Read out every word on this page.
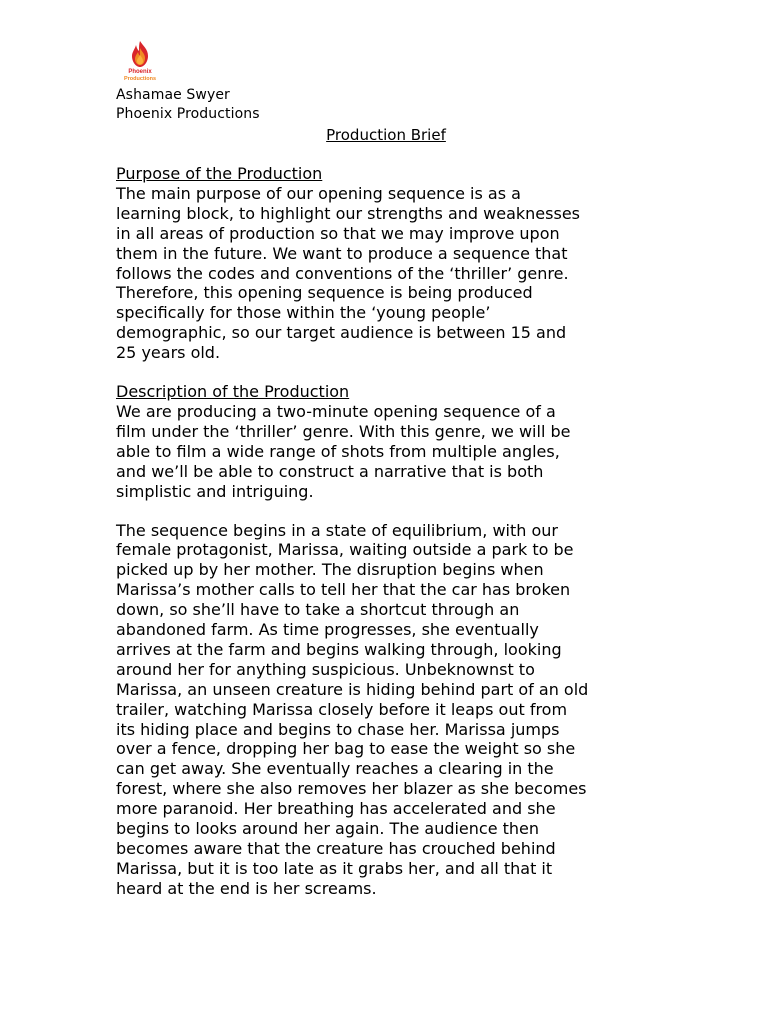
Phoenix
Productions
Ashamae Swyer
Phoenix Productions
Production Brief
Purpose of the Production

The main purpose of our opening sequence is as a
learning block, to highlight our strengths and weaknesses
in all areas of production so that we may improve upon
them in the future. We want to produce a sequence that
follows the codes and conventions of the ‘thriller’ genre.
Therefore, this opening sequence is being produced
specifically for those within the ‘young people’
demographic, so our target audience is between 15 and
25 years old.

Description of the Production

We are producing a two-minute opening sequence of a
film under the ‘thriller’ genre. With this genre, we will be
able to film a wide range of shots from multiple angles,
and we’ll be able to construct a narrative that is both
simplistic and intriguing.

The sequence begins in a state of equilibrium, with our
female protagonist, Marissa, waiting outside a park to be
picked up by her mother. The disruption begins when
Marissa’s mother calls to tell her that the car has broken
down, so she’ll have to take a shortcut through an
abandoned farm. As time progresses, she eventually
arrives at the farm and begins walking through, looking
around her for anything suspicious. Unbeknownst to
Marissa, an unseen creature is hiding behind part of an old
trailer, watching Marissa closely before it leaps out from
its hiding place and begins to chase her. Marissa jumps
over a fence, dropping her bag to ease the weight so she
can get away. She eventually reaches a clearing in the
forest, where she also removes her blazer as she becomes
more paranoid. Her breathing has accelerated and she
begins to looks around her again. The audience then
becomes aware that the creature has crouched behind
Marissa, but it is too late as it grabs her, and all that it
heard at the end is her screams.
